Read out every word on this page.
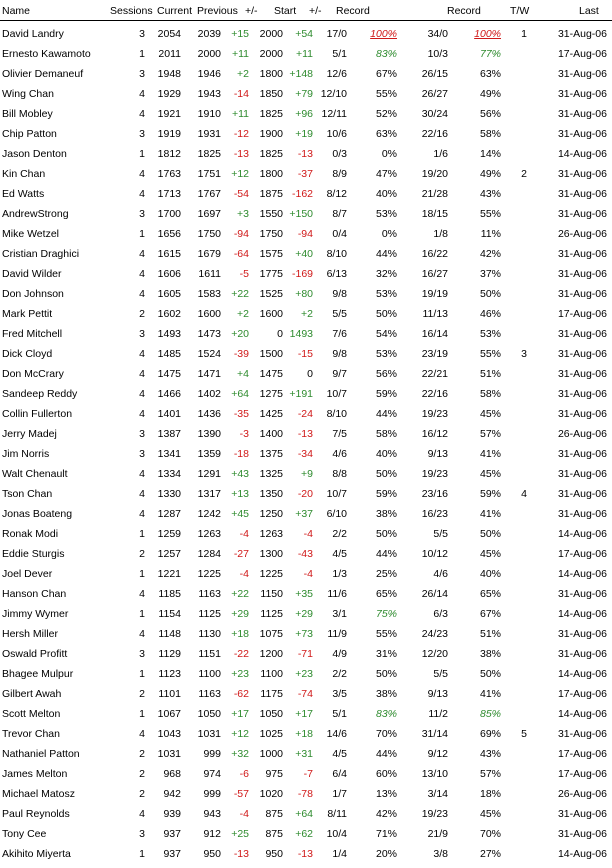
Name	Sessions Current Previous +/- Start +/- Record	Record	T/W	Last
David Landry	3 2054 2039 +15 2000 +54 17/0 100%	34/0 100% 1	31-Aug-06
Ernesto Kawamoto	1 2011 2000 +11 2000 +11 5/1	83%	10/3	77%	17-Aug-06
Olivier Demaneuf	3 1948 1946 +2 1800 +148 12/6	67% 26/15	63%	31-Aug-06
Wing Chan	4 1929 1943 -14 1850 +79 12/10	55% 26/27	49%	31-Aug-06
Bill Mobley	4 1921 1910 +11 1825 +96 12/11	52% 30/24	56%	31-Aug-06
Chip Patton	3 1919 1931 -12 1900 +19 10/6	63% 22/16	58%	31-Aug-06
Jason Denton	1 1812 1825 -13 1825 -13 0/3	0%	1/6	14%	14-Aug-06
Kin Chan	4 1763 1751 +12 1800 -37 8/9	47% 19/20	49% 2	31-Aug-06
Ed Watts	4 1713 1767 -54 1875 -162 8/12	40% 21/28	43%	31-Aug-06
AndrewStrong	3 1700 1697 +3 1550 +150 8/7	53% 18/15	55%	31-Aug-06
Mike Wetzel	1 1656 1750 -94 1750 -94 0/4	0%	1/8	11%	26-Aug-06
Cristian Draghici	4 1615 1679 -64 1575 +40 8/10	44% 16/22	42%	31-Aug-06
David Wilder	4 1606 1611 -5 1775 -169 6/13	32% 16/27	37%	31-Aug-06
Don Johnson	4 1605 1583 +22 1525 +80 9/8	53% 19/19	50%	31-Aug-06
Mark Pettit	2 1602 1600 +2 1600 +2 5/5	50% 11/13	46%	17-Aug-06
Fred Mitchell	3 1493 1473 +20	0 1493 7/6	54% 16/14	53%	31-Aug-06
Dick Cloyd	4 1485 1524 -39 1500 -15 9/8	53% 23/19	55% 3	31-Aug-06
Don McCrary	4 1475 1471 +4 1475 0 9/7	56% 22/21	51%	31-Aug-06
Sandeep Reddy	4 1466 1402 +64 1275 +191 10/7	59% 22/16	58%	31-Aug-06
Collin Fullerton	4 1401 1436 -35 1425 -24 8/10	44% 19/23	45%	31-Aug-06
Jerry Madej	3 1387 1390 -3 1400 -13 7/5	58% 16/12	57%	26-Aug-06
Jim Norris	3 1341 1359 -18 1375 -34 4/6	40%	9/13	41%	31-Aug-06
Walt Chenault	4 1334 1291 +43 1325 +9 8/8	50% 19/23	45%	31-Aug-06
Tson Chan	4 1330 1317 +13 1350 -20 10/7	59% 23/16	59% 4	31-Aug-06
Jonas Boateng	4 1287 1242 +45 1250 +37 6/10	38% 16/23	41%	31-Aug-06
Ronak Modi	1 1259 1263 -4 1263 -4 2/2	50%	5/5	50%	14-Aug-06
Eddie Sturgis	2 1257 1284 -27 1300 -43 4/5	44% 10/12	45%	17-Aug-06
Joel Dever	1 1221 1225 -4 1225 -4 1/3	25%	4/6	40%	14-Aug-06
Hanson Chan	4 1185 1163 +22 1150 +35 11/6	65% 26/14	65%	31-Aug-06
Jimmy Wymer	1 1154 1125 +29 1125 +29 3/1	75%	6/3	67%	14-Aug-06
Hersh Miller	4 1148 1130 +18 1075 +73 11/9	55% 24/23	51%	31-Aug-06
Oswald Profitt	3 1129 1151 -22 1200 -71 4/9	31% 12/20	38%	31-Aug-06
Bhagee Mulpur	1 1123 1100 +23 1100 +23 2/2	50%	5/5	50%	14-Aug-06
Gilbert Awah	2 1101 1163 -62 1175 -74 3/5	38%	9/13	41%	17-Aug-06
Scott Melton	1 1067 1050 +17 1050 +17 5/1	83%	11/2	85%	14-Aug-06
Trevor Chan	4 1043 1031 +12 1025 +18 14/6	70% 31/14	69% 5	31-Aug-06
Nathaniel Patton	2 1031 999 +32 1000 +31 4/5	44%	9/12	43%	17-Aug-06
James Melton	2 968 974 -6 975 -7 6/4	60% 13/10	57%	17-Aug-06
Michael Matosz	2 942 999 -57 1020 -78 1/7	13%	3/14	18%	26-Aug-06
Paul Reynolds	4 939 943 -4 875 +64 8/11	42% 19/23	45%	31-Aug-06
Tony Cee	3 937 912 +25 875 +62 10/4	71%	21/9	70%	31-Aug-06
Akihito Miyerta	1 937 950 -13 950 -13 1/4	20%	3/8	27%	14-Aug-06
